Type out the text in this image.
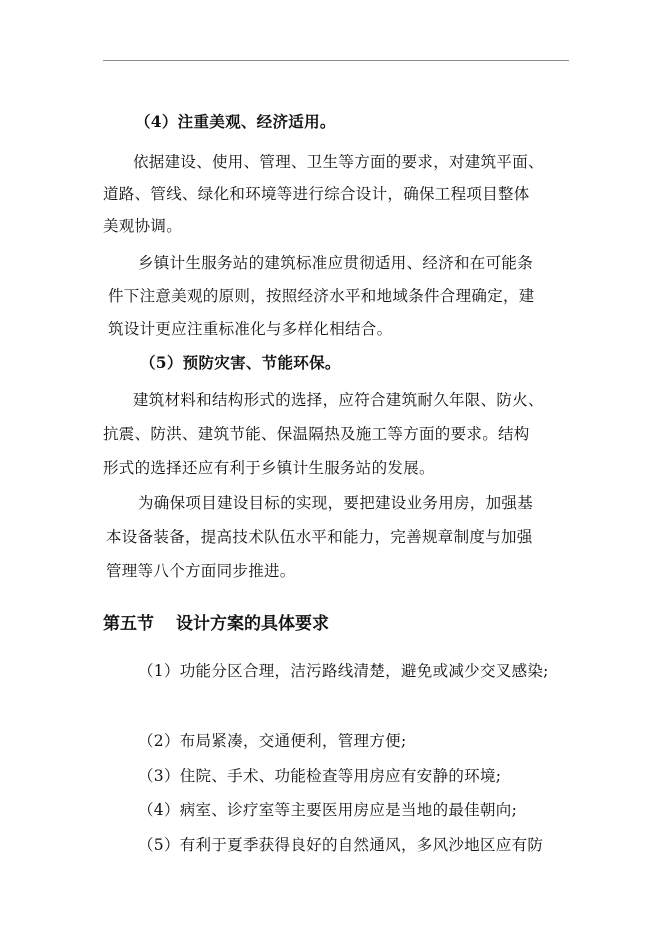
（4）注重美观、经济适用。
依据建设、使用、管理、卫生等方面的要求，对建筑平面、
道路、管线、绿化和环境等进行综合设计，确保工程项目整体
美观协调。
乡镇计生服务站的建筑标准应贯彻适用、经济和在可能条
件下注意美观的原则，按照经济水平和地域条件合理确定，建
筑设计更应注重标准化与多样化相结合。
（5）预防灾害、节能环保。
建筑材料和结构形式的选择，应符合建筑耐久年限、防火、
抗震、防洪、建筑节能、保温隔热及施工等方面的要求。结构
形式的选择还应有利于乡镇计生服务站的发展。
为确保项目建设目标的实现，要把建设业务用房，加强基
本设备装备，提高技术队伍水平和能力，完善规章制度与加强
管理等八个方面同步推进。
第五节 设计方案的具体要求
（1）功能分区合理，洁污路线清楚，避免或减少交叉感染;
（2）布局紧凑，交通便利，管理方便;
（3）住院、手术、功能检查等用房应有安静的环境;
（4）病室、诊疗室等主要医用房应是当地的最佳朝向;
（5）有利于夏季获得良好的自然通风，多风沙地区应有防
